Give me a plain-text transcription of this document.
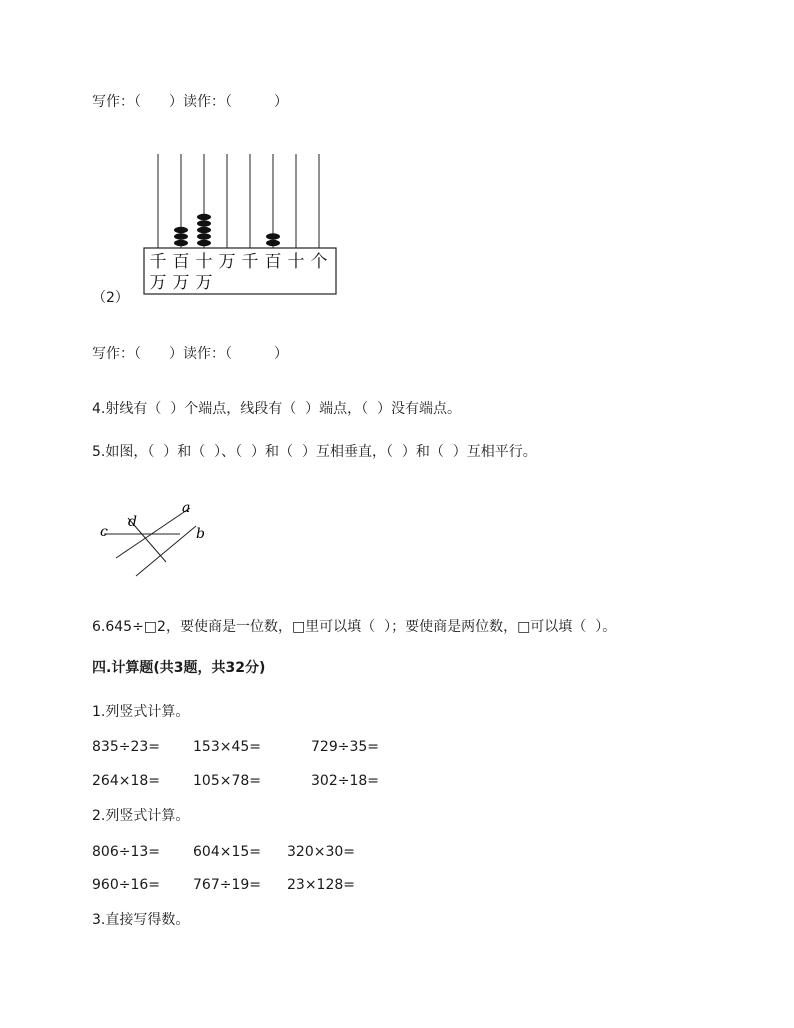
写作：（　　）读作：（　　　）
千 百 十 万 千 百 十 个
万 万 万
（2）
写作：（　　）读作：（　　　）
4.射线有（  ）个端点，线段有（  ）端点，（  ）没有端点。
5.如图，（  ）和（  ）、（  ）和（  ）互相垂直，（  ）和（  ）互相平行。
a
b
c
d
6.645÷□2，要使商是一位数，□里可以填（  ）；要使商是两位数，□可以填（  ）。
四.计算题(共3题，共32分)
1.列竖式计算。
835÷23= 153×45=	729÷35=
264×18= 105×78=	302÷18=
2.列竖式计算。
806÷13= 604×15= 320×30=
960÷16= 767÷19= 23×128=
3.直接写得数。
